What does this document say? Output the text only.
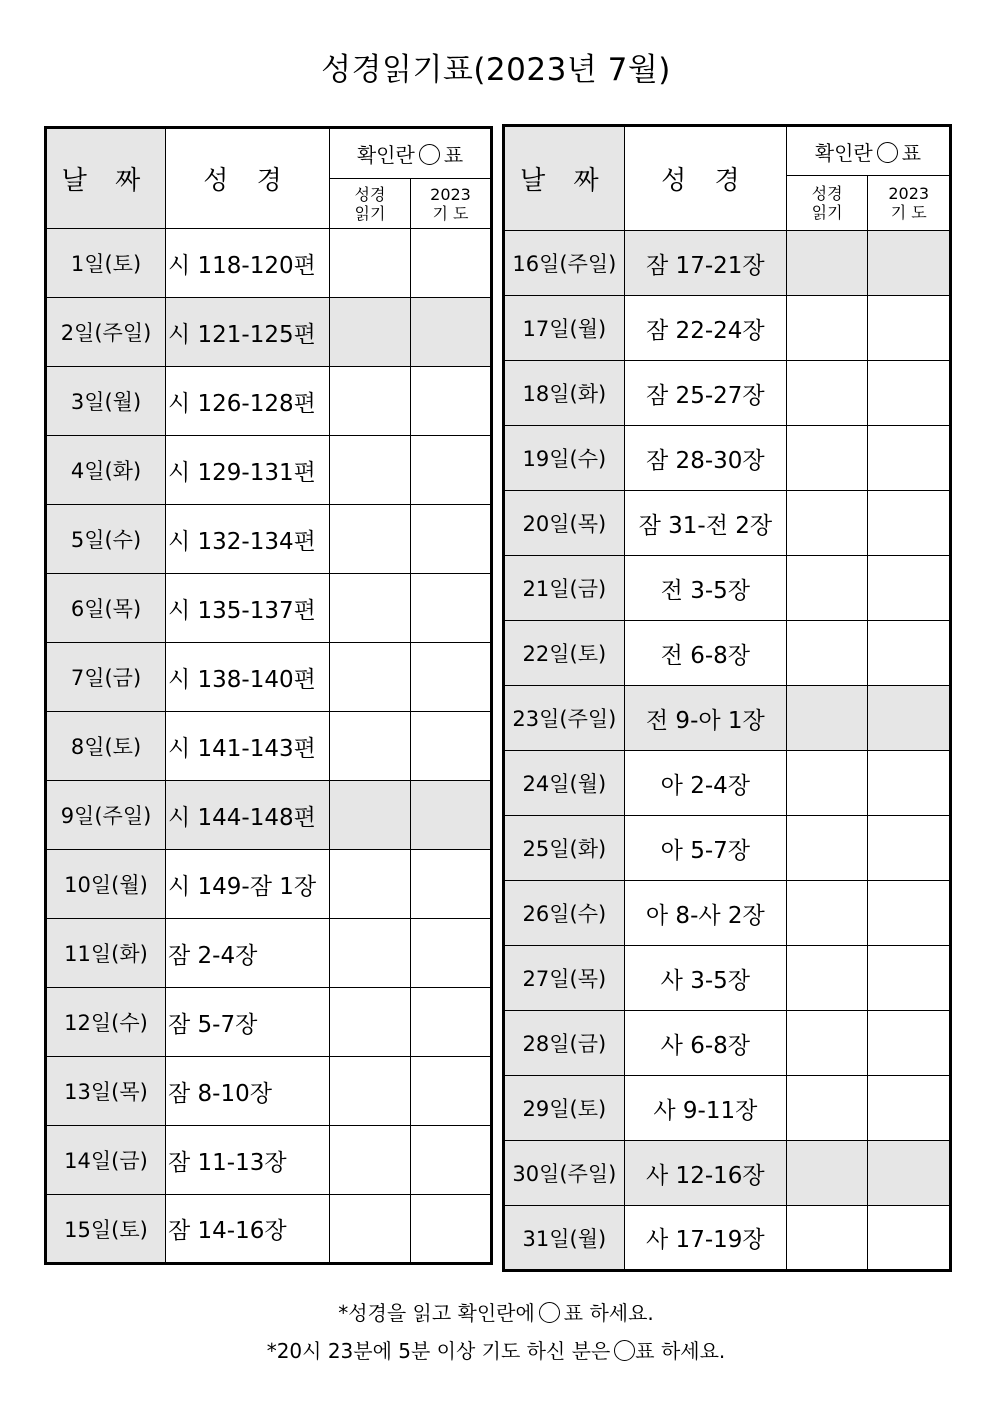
성경읽기표(2023년 7월)
날 짜	성 경	확인란 표	
		성경
읽기	2023
기 도
1일(토)	시 118-120편		
2일(주일)	시 121-125편		
3일(월)	시 126-128편		
4일(화)	시 129-131편		
5일(수)	시 132-134편		
6일(목)	시 135-137편		
7일(금)	시 138-140편		
8일(토)	시 141-143편		
9일(주일)	시 144-148편		
10일(월)	시 149-잠 1장		
11일(화)	잠 2-4장		
12일(수)	잠 5-7장		
13일(목)	잠 8-10장		
14일(금)	잠 11-13장		
15일(토)	잠 14-16장		
날 짜	성 경	확인란 표	
		성경
읽기	2023
기 도
16일(주일)	잠 17-21장		
17일(월)	잠 22-24장		
18일(화)	잠 25-27장		
19일(수)	잠 28-30장		
20일(목)	잠 31-전 2장		
21일(금)	전 3-5장		
22일(토)	전 6-8장		
23일(주일)	전 9-아 1장		
24일(월)	아 2-4장		
25일(화)	아 5-7장		
26일(수)	아 8-사 2장		
27일(목)	사 3-5장		
28일(금)	사 6-8장		
29일(토)	사 9-11장		
30일(주일)	사 12-16장		
31일(월)	사 17-19장		
*성경을 읽고 확인란에 표 하세요.
*20시 23분에 5분 이상 기도 하신 분은 표 하세요.
